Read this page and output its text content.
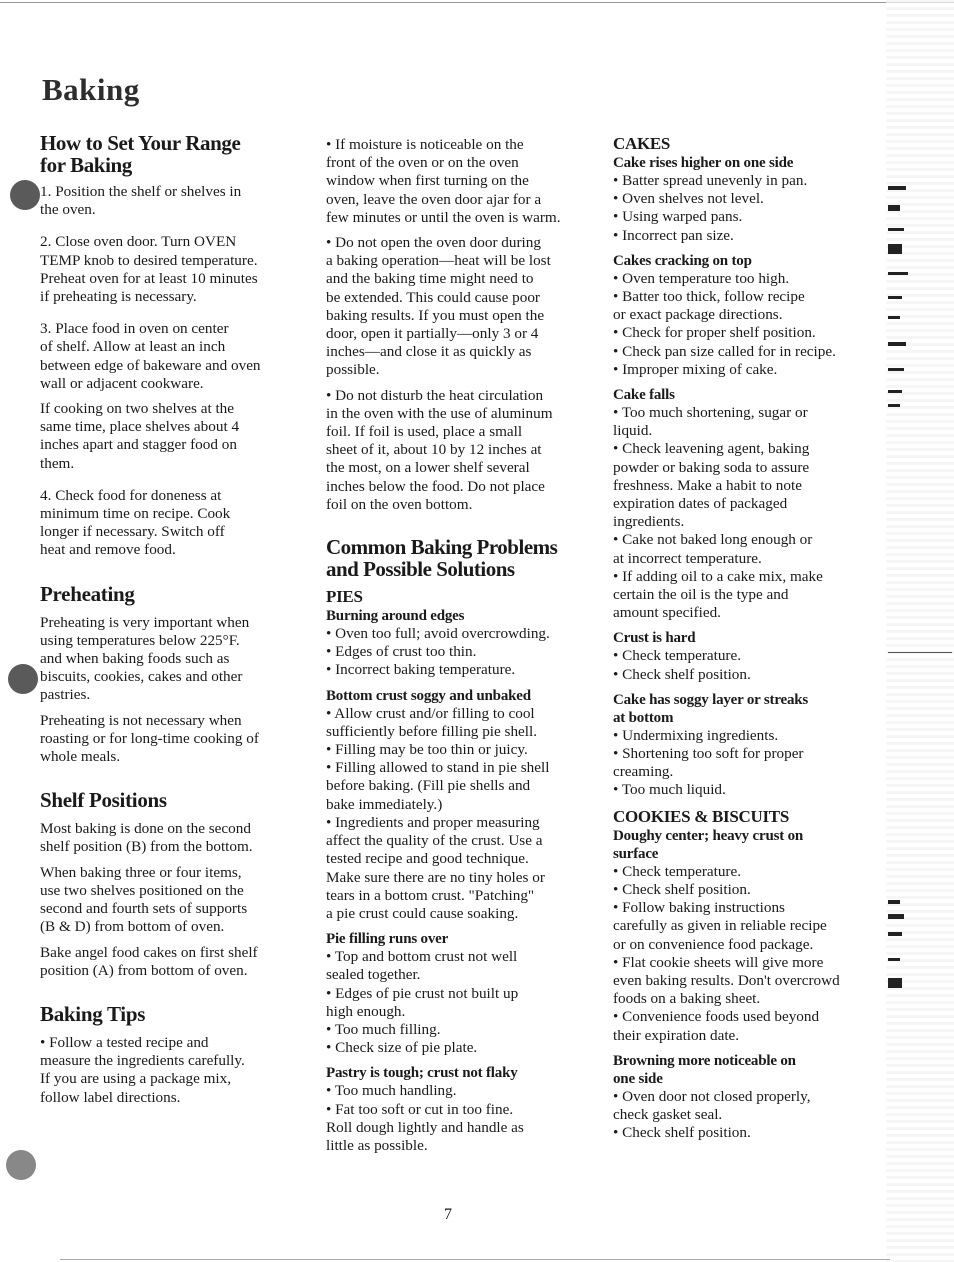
Baking
How to Set Your Range
for Baking
1. Position the shelf or shelves in
the oven.
2. Close oven door. Turn OVEN
TEMP knob to desired temperature.
Preheat oven for at least 10 minutes
if preheating is necessary.
3. Place food in oven on center
of shelf. Allow at least an inch
between edge of bakeware and oven
wall or adjacent cookware.
If cooking on two shelves at the
same time, place shelves about 4
inches apart and stagger food on
them.
4. Check food for doneness at
minimum time on recipe. Cook
longer if necessary. Switch off
heat and remove food.
Preheating
Preheating is very important when
using temperatures below 225°F.
and when baking foods such as
biscuits, cookies, cakes and other
pastries.
Preheating is not necessary when
roasting or for long-time cooking of
whole meals.
Shelf Positions
Most baking is done on the second
shelf position (B) from the bottom.
When baking three or four items,
use two shelves positioned on the
second and fourth sets of supports
(B & D) from bottom of oven.
Bake angel food cakes on first shelf
position (A) from bottom of oven.
Baking Tips
• Follow a tested recipe and
measure the ingredients carefully.
If you are using a package mix,
follow label directions.
• If moisture is noticeable on the
front of the oven or on the oven
window when first turning on the
oven, leave the oven door ajar for a
few minutes or until the oven is warm.
• Do not open the oven door during
a baking operation—heat will be lost
and the baking time might need to
be extended. This could cause poor
baking results. If you must open the
door, open it partially—only 3 or 4
inches—and close it as quickly as
possible.
• Do not disturb the heat circulation
in the oven with the use of aluminum
foil. If foil is used, place a small
sheet of it, about 10 by 12 inches at
the most, on a lower shelf several
inches below the food. Do not place
foil on the oven bottom.
Common Baking Problems
and Possible Solutions
PIES
Burning around edges
• Oven too full; avoid overcrowding.
• Edges of crust too thin.
• Incorrect baking temperature.
Bottom crust soggy and unbaked
• Allow crust and/or filling to cool
sufficiently before filling pie shell.
• Filling may be too thin or juicy.
• Filling allowed to stand in pie shell
before baking. (Fill pie shells and
bake immediately.)
• Ingredients and proper measuring
affect the quality of the crust. Use a
tested recipe and good technique.
Make sure there are no tiny holes or
tears in a bottom crust. "Patching"
a pie crust could cause soaking.
Pie filling runs over
• Top and bottom crust not well
sealed together.
• Edges of pie crust not built up
high enough.
• Too much filling.
• Check size of pie plate.
Pastry is tough; crust not flaky
• Too much handling.
• Fat too soft or cut in too fine.
Roll dough lightly and handle as
little as possible.
CAKES
Cake rises higher on one side
• Batter spread unevenly in pan.
• Oven shelves not level.
• Using warped pans.
• Incorrect pan size.
Cakes cracking on top
• Oven temperature too high.
• Batter too thick, follow recipe
or exact package directions.
• Check for proper shelf position.
• Check pan size called for in recipe.
• Improper mixing of cake.
Cake falls
• Too much shortening, sugar or
liquid.
• Check leavening agent, baking
powder or baking soda to assure
freshness. Make a habit to note
expiration dates of packaged
ingredients.
• Cake not baked long enough or
at incorrect temperature.
• If adding oil to a cake mix, make
certain the oil is the type and
amount specified.
Crust is hard
• Check temperature.
• Check shelf position.
Cake has soggy layer or streaks
at bottom
• Undermixing ingredients.
• Shortening too soft for proper
creaming.
• Too much liquid.
COOKIES & BISCUITS
Doughy center; heavy crust on
surface
• Check temperature.
• Check shelf position.
• Follow baking instructions
carefully as given in reliable recipe
or on convenience food package.
• Flat cookie sheets will give more
even baking results. Don't overcrowd
foods on a baking sheet.
• Convenience foods used beyond
their expiration date.
Browning more noticeable on
one side
• Oven door not closed properly,
check gasket seal.
• Check shelf position.
7
